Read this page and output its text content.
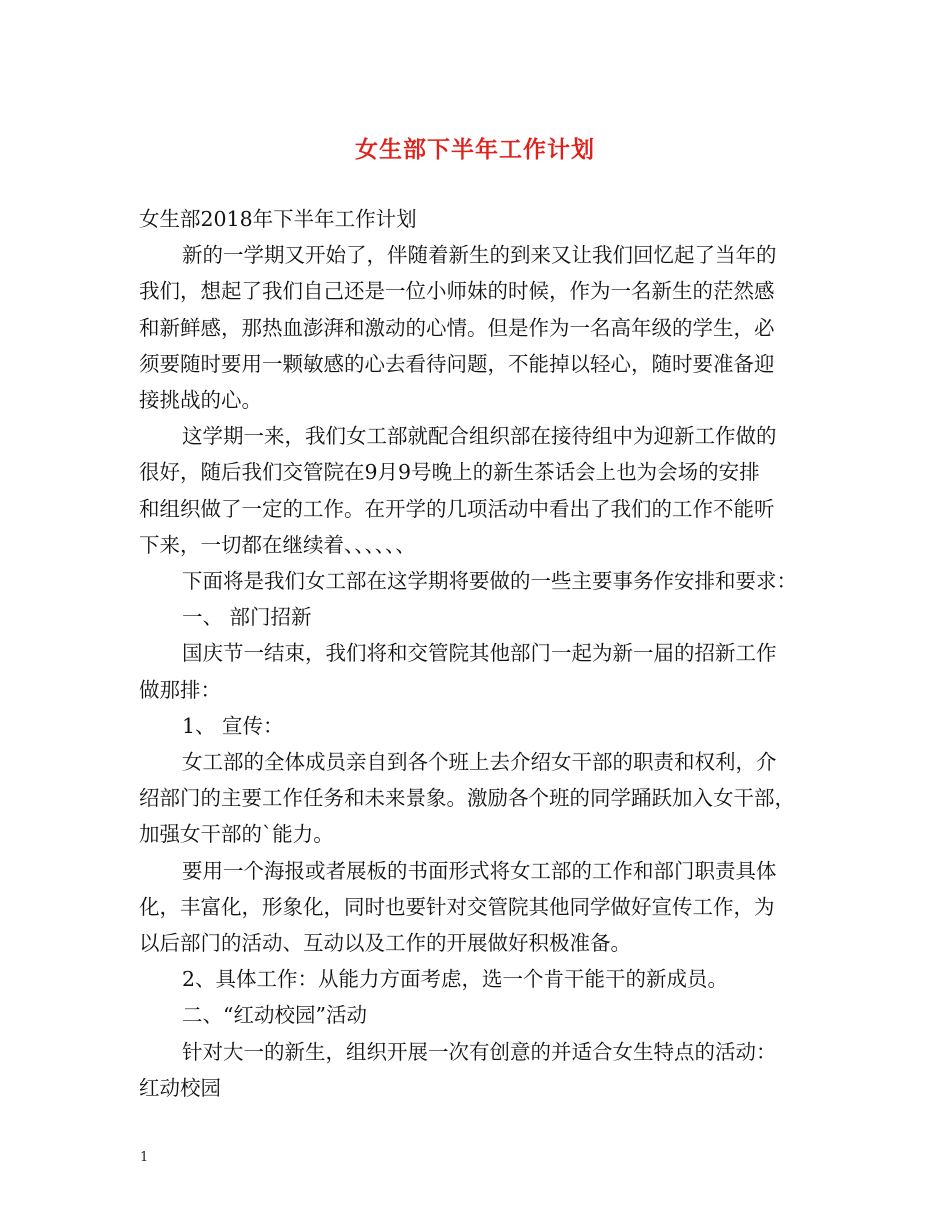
女生部下半年工作计划
女生部2018年下半年工作计划
新的一学期又开始了，伴随着新生的到来又让我们回忆起了当年的
我们，想起了我们自己还是一位小师妹的时候，作为一名新生的茫然感
和新鲜感，那热血澎湃和激动的心情。但是作为一名高年级的学生，必
须要随时要用一颗敏感的心去看待问题，不能掉以轻心，随时要准备迎
接挑战的心。
这学期一来，我们女工部就配合组织部在接待组中为迎新工作做的
很好，随后我们交管院在9月9号晚上的新生茶话会上也为会场的安排
和组织做了一定的工作。在开学的几项活动中看出了我们的工作不能听
下来，一切都在继续着、、、、、、
下面将是我们女工部在这学期将要做的一些主要事务作安排和要求：
一、 部门招新
国庆节一结束，我们将和交管院其他部门一起为新一届的招新工作
做那排：
1、 宣传：
女工部的全体成员亲自到各个班上去介绍女干部的职责和权利，介
绍部门的主要工作任务和未来景象。激励各个班的同学踊跃加入女干部，
加强女干部的`能力。
要用一个海报或者展板的书面形式将女工部的工作和部门职责具体
化，丰富化，形象化，同时也要针对交管院其他同学做好宣传工作，为
以后部门的活动、互动以及工作的开展做好积极准备。
2、具体工作：从能力方面考虑，选一个肯干能干的新成员。
二、“红动校园”活动
针对大一的新生，组织开展一次有创意的并适合女生特点的活动：
红动校园
1
